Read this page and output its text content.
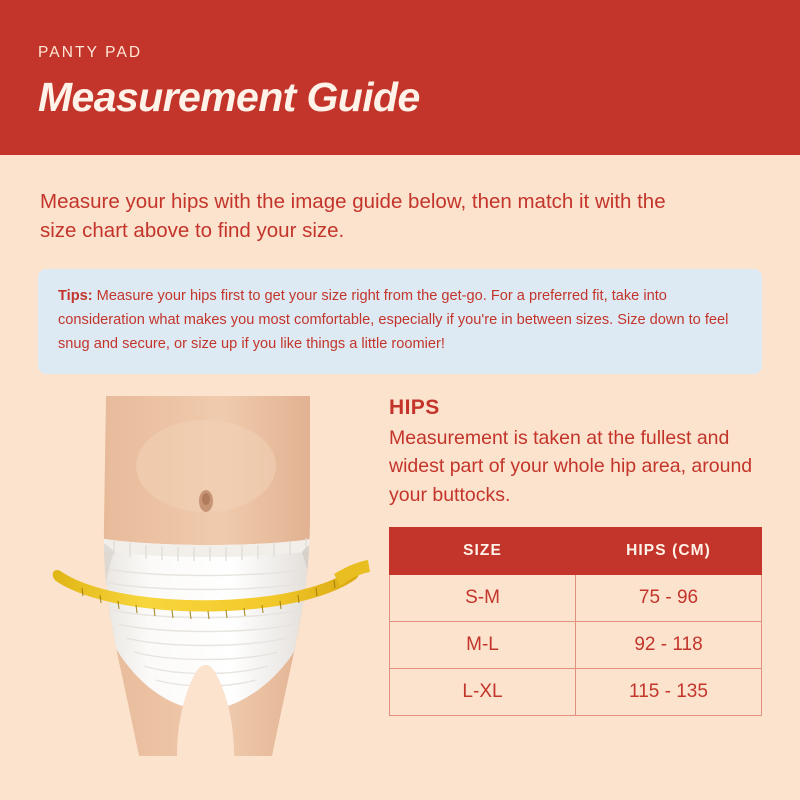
PANTY PAD
Measurement Guide
Measure your hips with the image guide below, then match it with the size chart above to find your size.
Tips: Measure your hips first to get your size right from the get-go. For a preferred fit, take into consideration what makes you most comfortable, especially if you're in between sizes. Size down to feel snug and secure, or size up if you like things a little roomier!
HIPS
Measurement is taken at the fullest and widest part of your whole hip area, around your buttocks.
SIZE	HIPS (CM)
S-M	75 - 96
M-L	92 - 118
L-XL	115 - 135
